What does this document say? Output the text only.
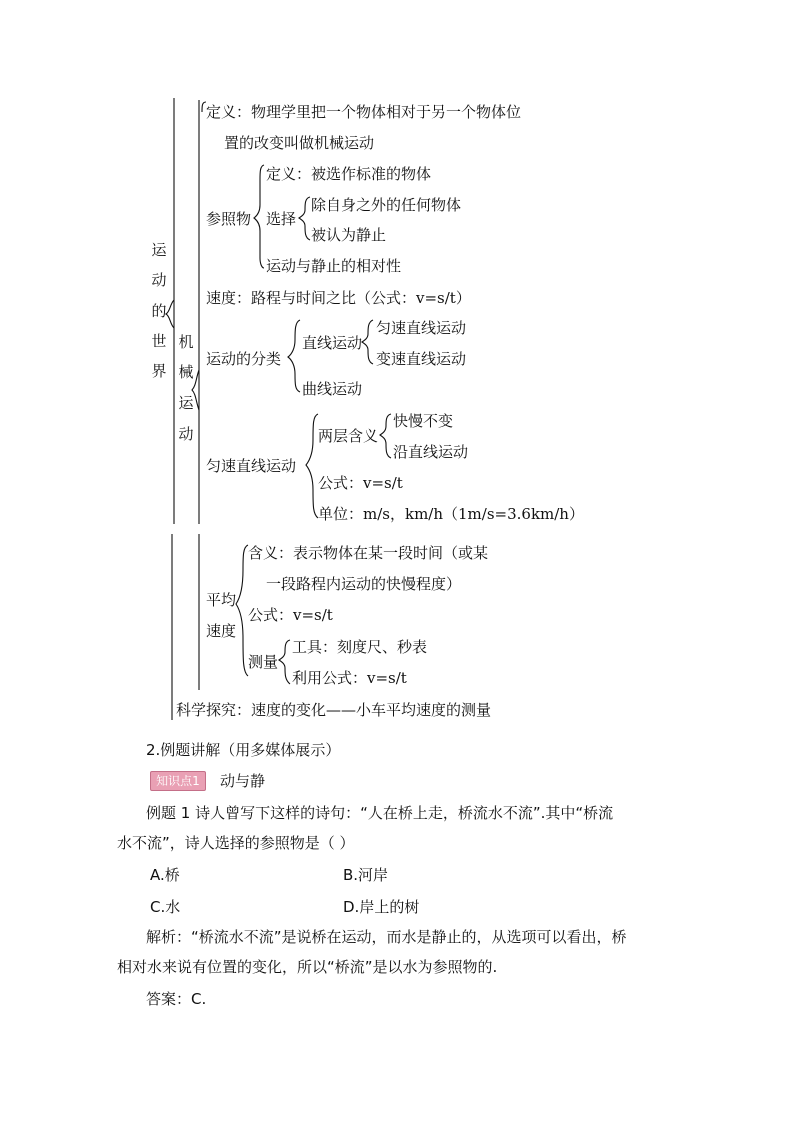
运
动
的
世
界
机
械
运
动
定义：物理学里把一个物体相对于另一个物体位
置的改变叫做机械运动
参照物
定义：被选作标准的物体
选择
除自身之外的任何物体
被认为静止
运动与静止的相对性
速度：路程与时间之比（公式：v=s/t）
运动的分类
直线运动
匀速直线运动
变速直线运动
曲线运动
匀速直线运动
两层含义
快慢不变
沿直线运动
公式：v=s/t
单位：m/s，km/h（1m/s=3.6km/h）
平均
速度
含义：表示物体在某一段时间（或某
一段路程内运动的快慢程度）
公式：v=s/t
测量
工具：刻度尺、秒表
利用公式：v=s/t
科学探究：速度的变化——小车平均速度的测量
2.例题讲解（用多媒体展示）
知识点1	动与静
例题 1 诗人曾写下这样的诗句：“人在桥上走，桥流水不流”.其中“桥流
水不流”，诗人选择的参照物是（ ）
A.桥	B.河岸
C.水	D.岸上的树
解析：“桥流水不流”是说桥在运动，而水是静止的，从选项可以看出，桥
相对水来说有位置的变化，所以“桥流”是以水为参照物的.
答案：C.
